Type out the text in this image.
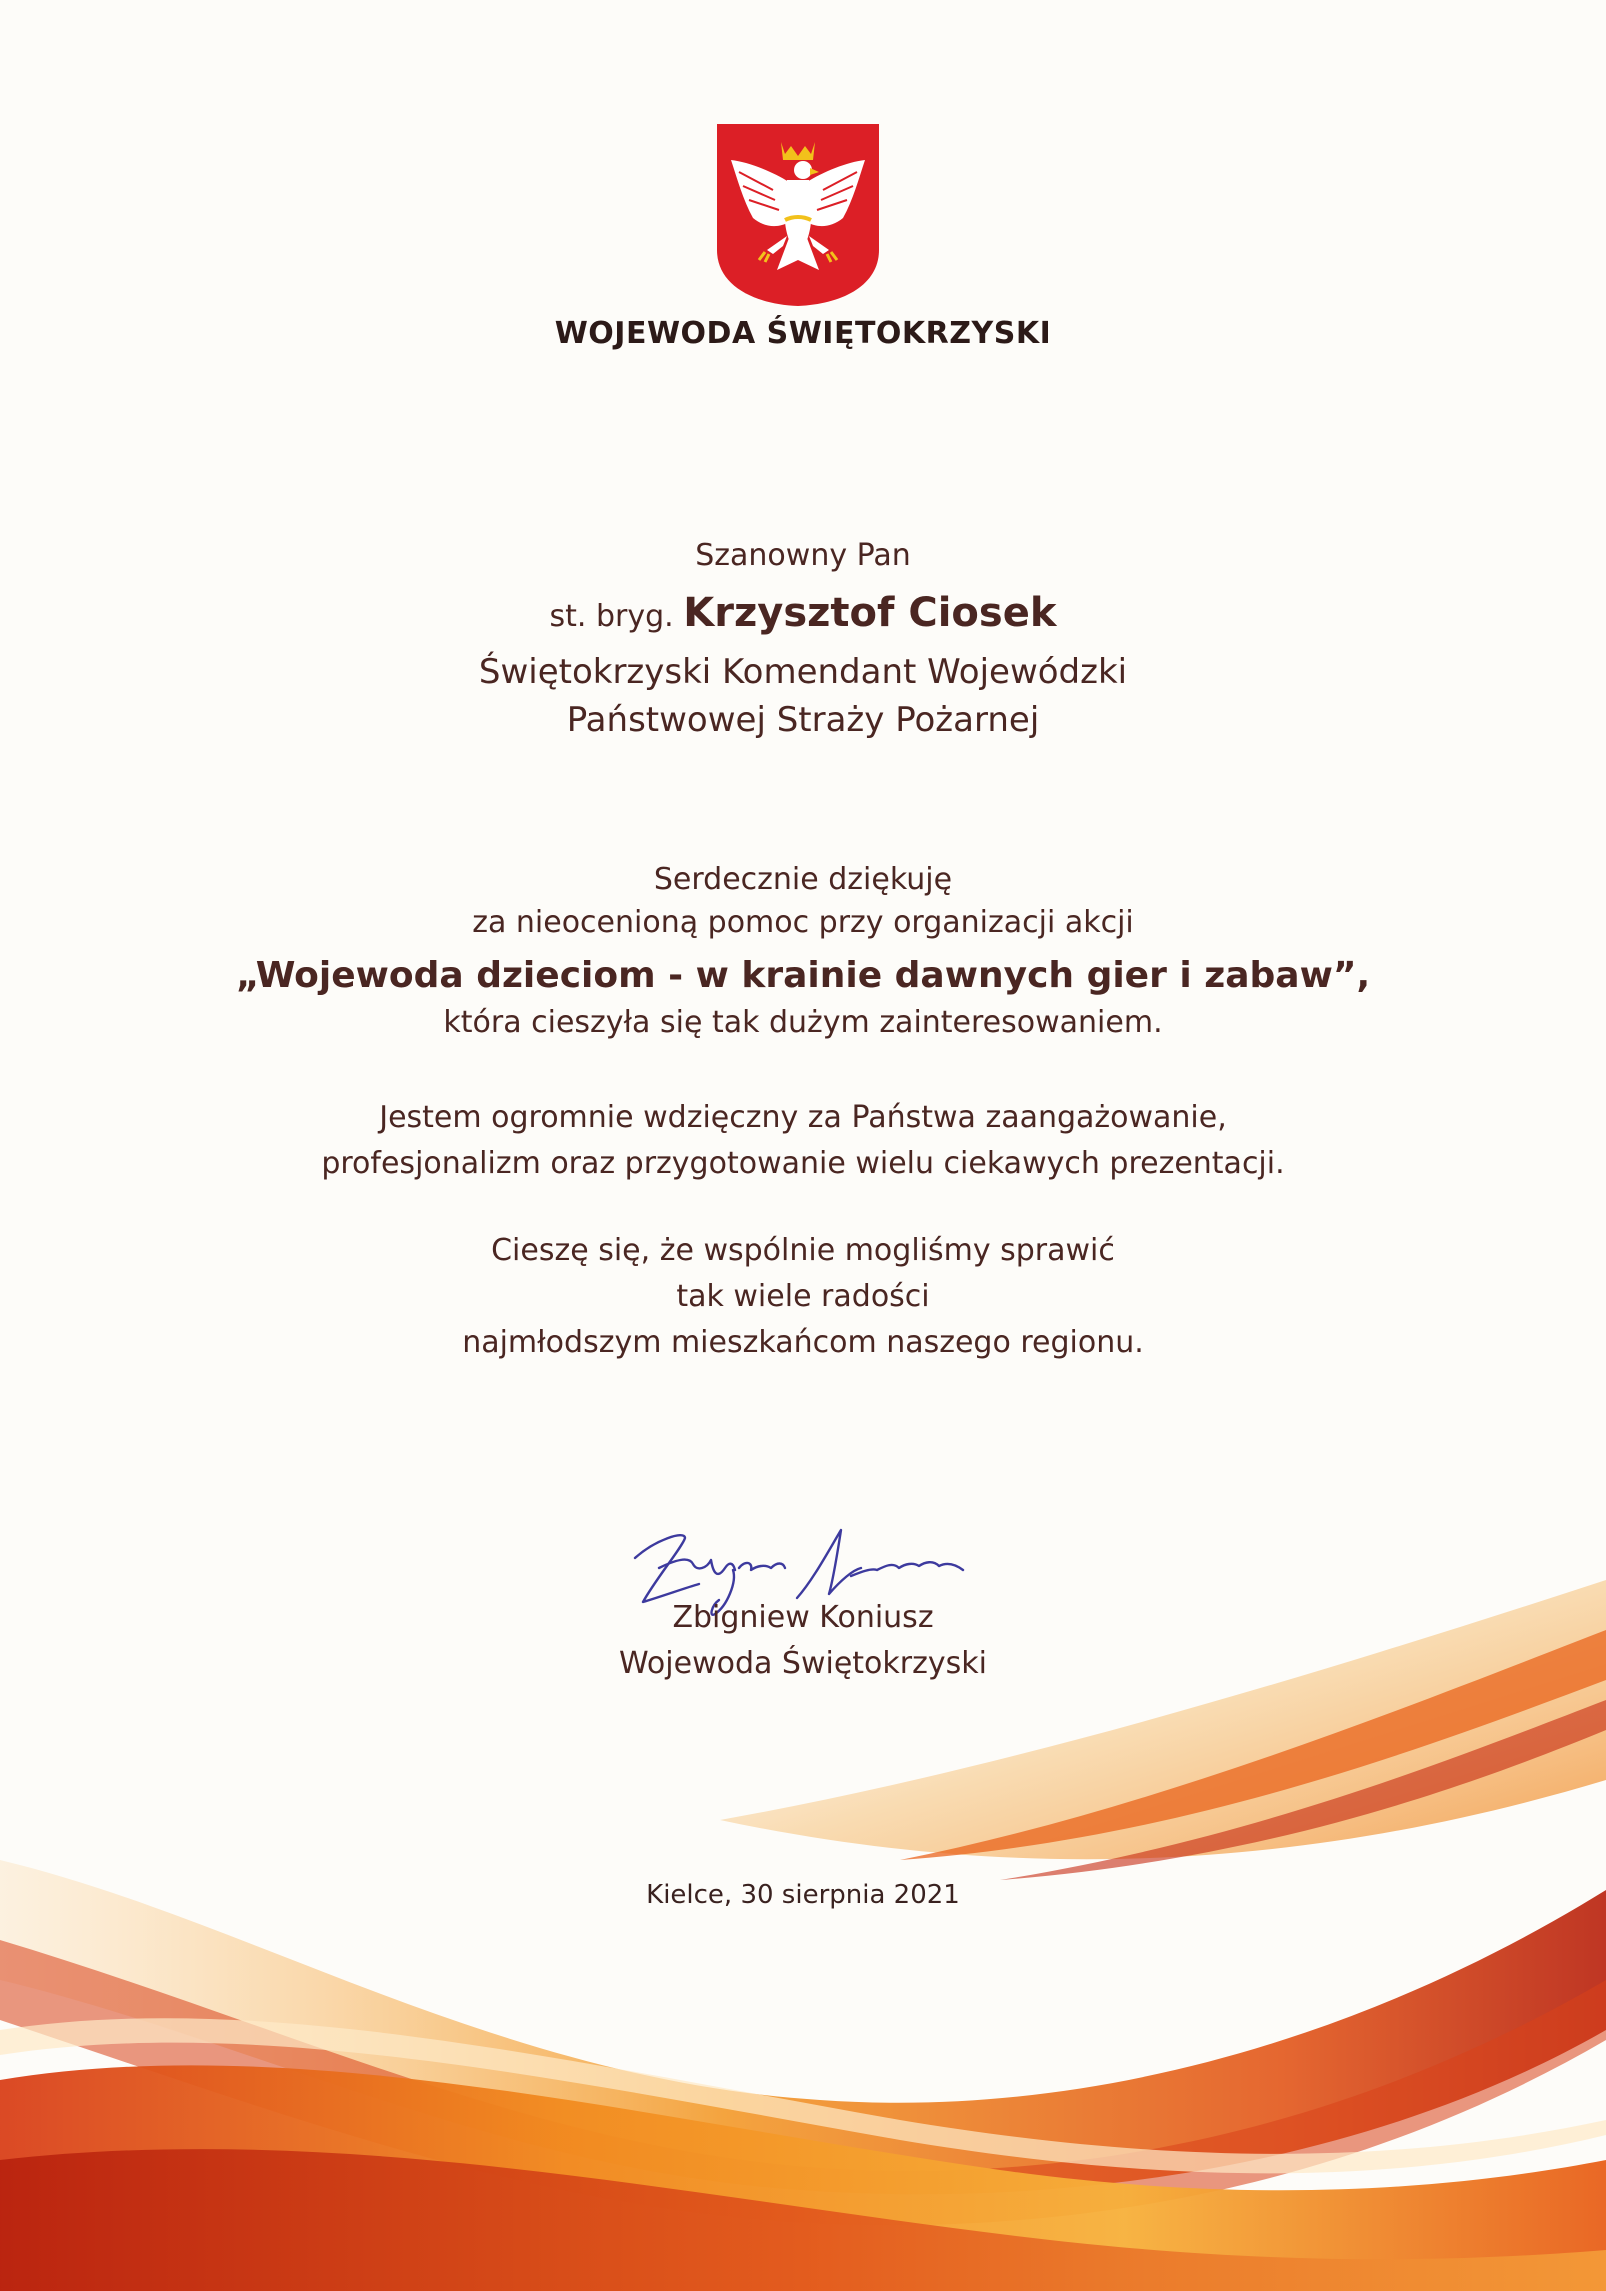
WOJEWODA ŚWIĘTOKRZYSKI
Szanowny Pan
st. bryg. Krzysztof Ciosek
Świętokrzyski Komendant Wojewódzki
Państwowej Straży Pożarnej
Serdecznie dziękuję
za nieocenioną pomoc przy organizacji akcji
„Wojewoda dzieciom - w krainie dawnych gier i zabaw”,
która cieszyła się tak dużym zainteresowaniem.
Jestem ogromnie wdzięczny za Państwa zaangażowanie,
profesjonalizm oraz przygotowanie wielu ciekawych prezentacji.
Cieszę się, że wspólnie mogliśmy sprawić
tak wiele radości
najmłodszym mieszkańcom naszego regionu.
Zbigniew Koniusz
Wojewoda Świętokrzyski
Kielce, 30 sierpnia 2021
